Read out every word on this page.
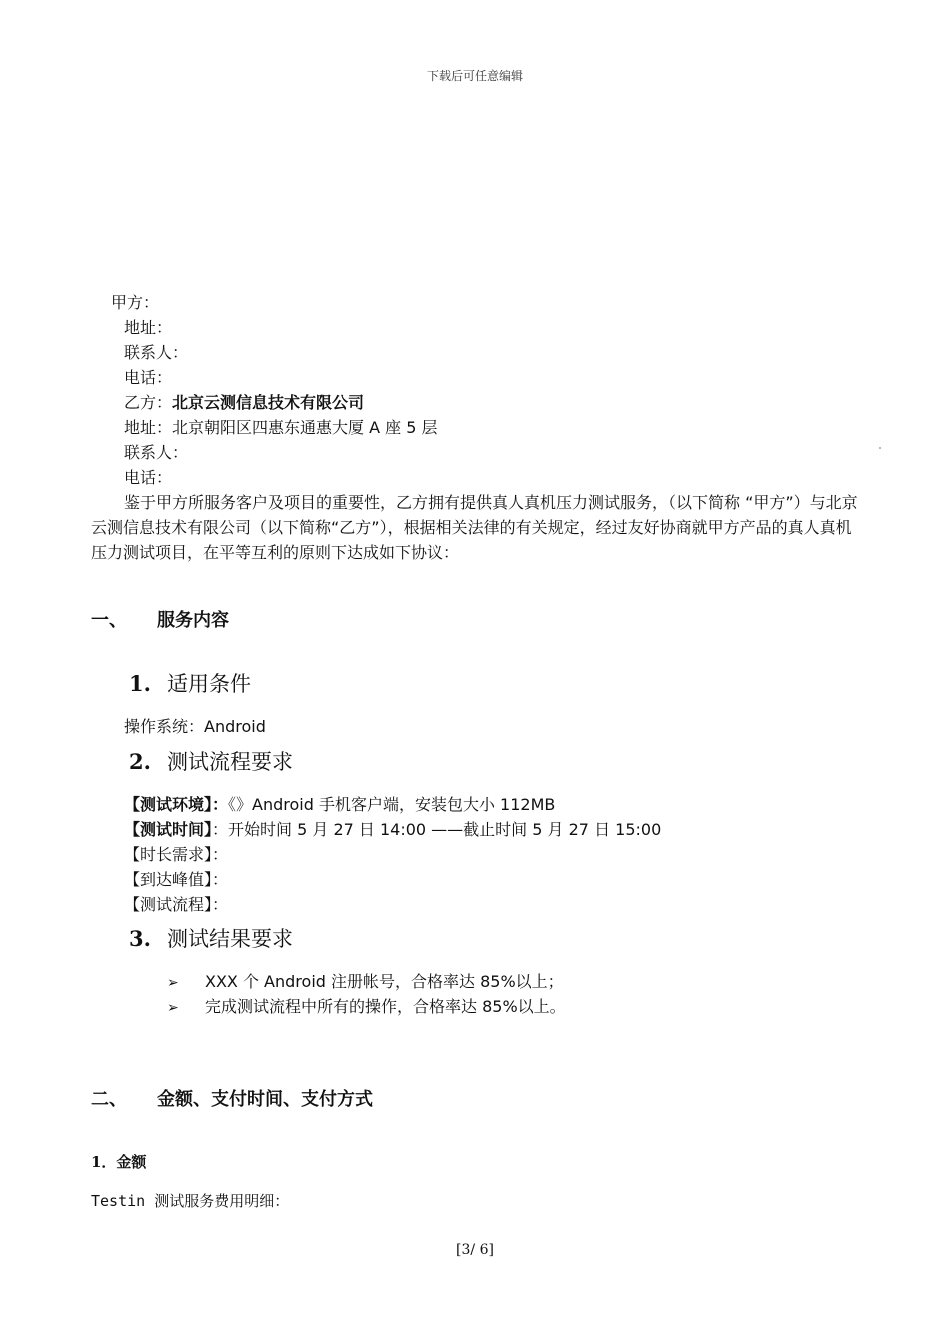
下载后可任意编辑
甲方：
地址：
联系人：
电话：
乙方：北京云测信息技术有限公司
地址：北京朝阳区四惠东通惠大厦 A 座 5 层
联系人：
电话：
鉴于甲方所服务客户及项目的重要性，乙方拥有提供真人真机压力测试服务，（以下简称 “甲方”）与北京云测信息技术有限公司（以下简称“乙方”），根据相关法律的有关规定，经过友好协商就甲方产品的真人真机压力测试项目，在平等互利的原则下达成如下协议：
一、 服务内容
1. 适用条件
操作系统：Android
2. 测试流程要求
【测试环境】：《》Android 手机客户端，安装包大小 112MB
【测试时间】：开始时间 5 月 27 日 14:00 ——截止时间 5 月 27 日 15:00
【时长需求】：
【到达峰值】：
【测试流程】：
3. 测试结果要求
➢ XXX 个 Android 注册帐号，合格率达 85%以上；
➢ 完成测试流程中所有的操作，合格率达 85%以上。
二、 金额、支付时间、支付方式
1．金额
Testin 测试服务费用明细：
[3/ 6]
